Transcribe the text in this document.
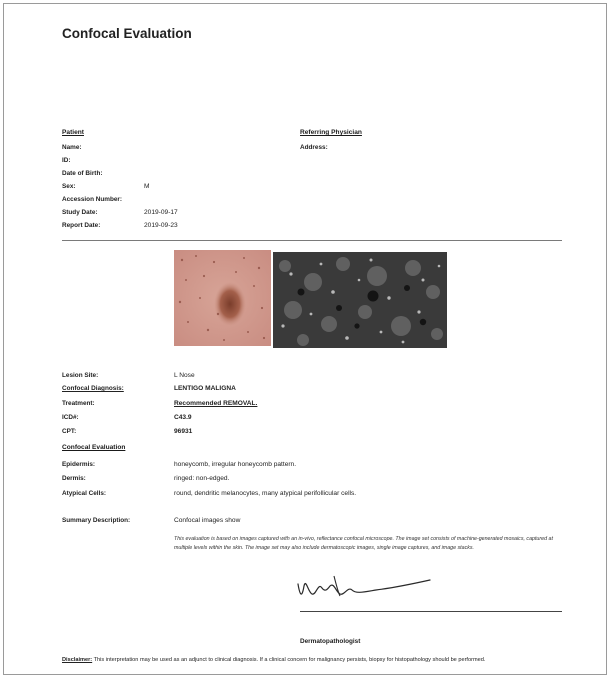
Confocal Evaluation
Patient	Referring Physician
Address:
Name:
ID:
Date of Birth:
Sex:	M
Accession Number:
Study Date:	2019-09-17
Report Date:	2019-09-23
Lesion Site:	L Nose
Confocal Diagnosis:	LENTIGO MALIGNA
Treatment:	Recommended REMOVAL.
ICD#:	C43.9
CPT:	96931
Confocal Evaluation
Epidermis:	honeycomb, irregular honeycomb pattern.
Dermis:	ringed: non-edged.
Atypical Cells:	round, dendritic melanocytes, many atypical perifollicular cells.
Summary Description:	Confocal images show
This evaluation is based on images captured with an in-vivo, reflectance confocal microscope. The image set consists of machine-generated mosaics, captured at multiple levels within the skin. The image set may also include dermatoscopic images, single image captures, and image stacks.
Dermatopathologist
Disclaimer: This interpretation may be used as an adjunct to clinical diagnosis. If a clinical concern for malignancy persists, biopsy for histopathology should be performed.
